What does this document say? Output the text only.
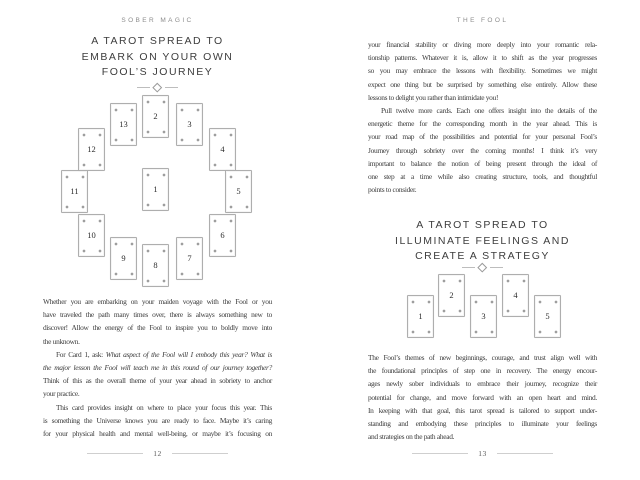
SOBER MAGIC
A TAROT SPREAD TO
EMBARK ON YOUR OWN
FOOL’S JOURNEY
1
2
3
4
5
6
7
8
9
10
11
12
13
Whether you are embarking on your maiden voyage with the Fool or you
have traveled the path many times over, there is always something new to
discover! Allow the energy of the Fool to inspire you to boldly move into
the unknown.
For Card 1, ask: What aspect of the Fool will I embody this year? What is
the major lesson the Fool will teach me in this round of our journey together?
Think of this as the overall theme of your year ahead in sobriety to anchor
your practice.
This card provides insight on where to place your focus this year. This
is something the Universe knows you are ready to face. Maybe it’s caring
for your physical health and mental well-being, or maybe it’s focusing on
12
THE FOOL
your financial stability or diving more deeply into your romantic rela-
tionship patterns. Whatever it is, allow it to shift as the year progresses
so you may embrace the lessons with flexibility. Sometimes we might
expect one thing but be surprised by something else entirely. Allow these
lessons to delight you rather than intimidate you!
Pull twelve more cards. Each one offers insight into the details of the
energetic theme for the corresponding month in the year ahead. This is
your road map of the possibilities and potential for your personal Fool’s
Journey through sobriety over the coming months! I think it’s very
important to balance the notion of being present through the ideal of
one step at a time while also creating structure, tools, and thoughtful
points to consider.
A TAROT SPREAD TO
ILLUMINATE FEELINGS AND
CREATE A STRATEGY
1
2
3
4
5
The Fool’s themes of new beginnings, courage, and trust align well with
the foundational principles of step one in recovery. The energy encour-
ages newly sober individuals to embrace their journey, recognize their
potential for change, and move forward with an open heart and mind.
In keeping with that goal, this tarot spread is tailored to support under-
standing and embodying these principles to illuminate your feelings
and strategies on the path ahead.
13
